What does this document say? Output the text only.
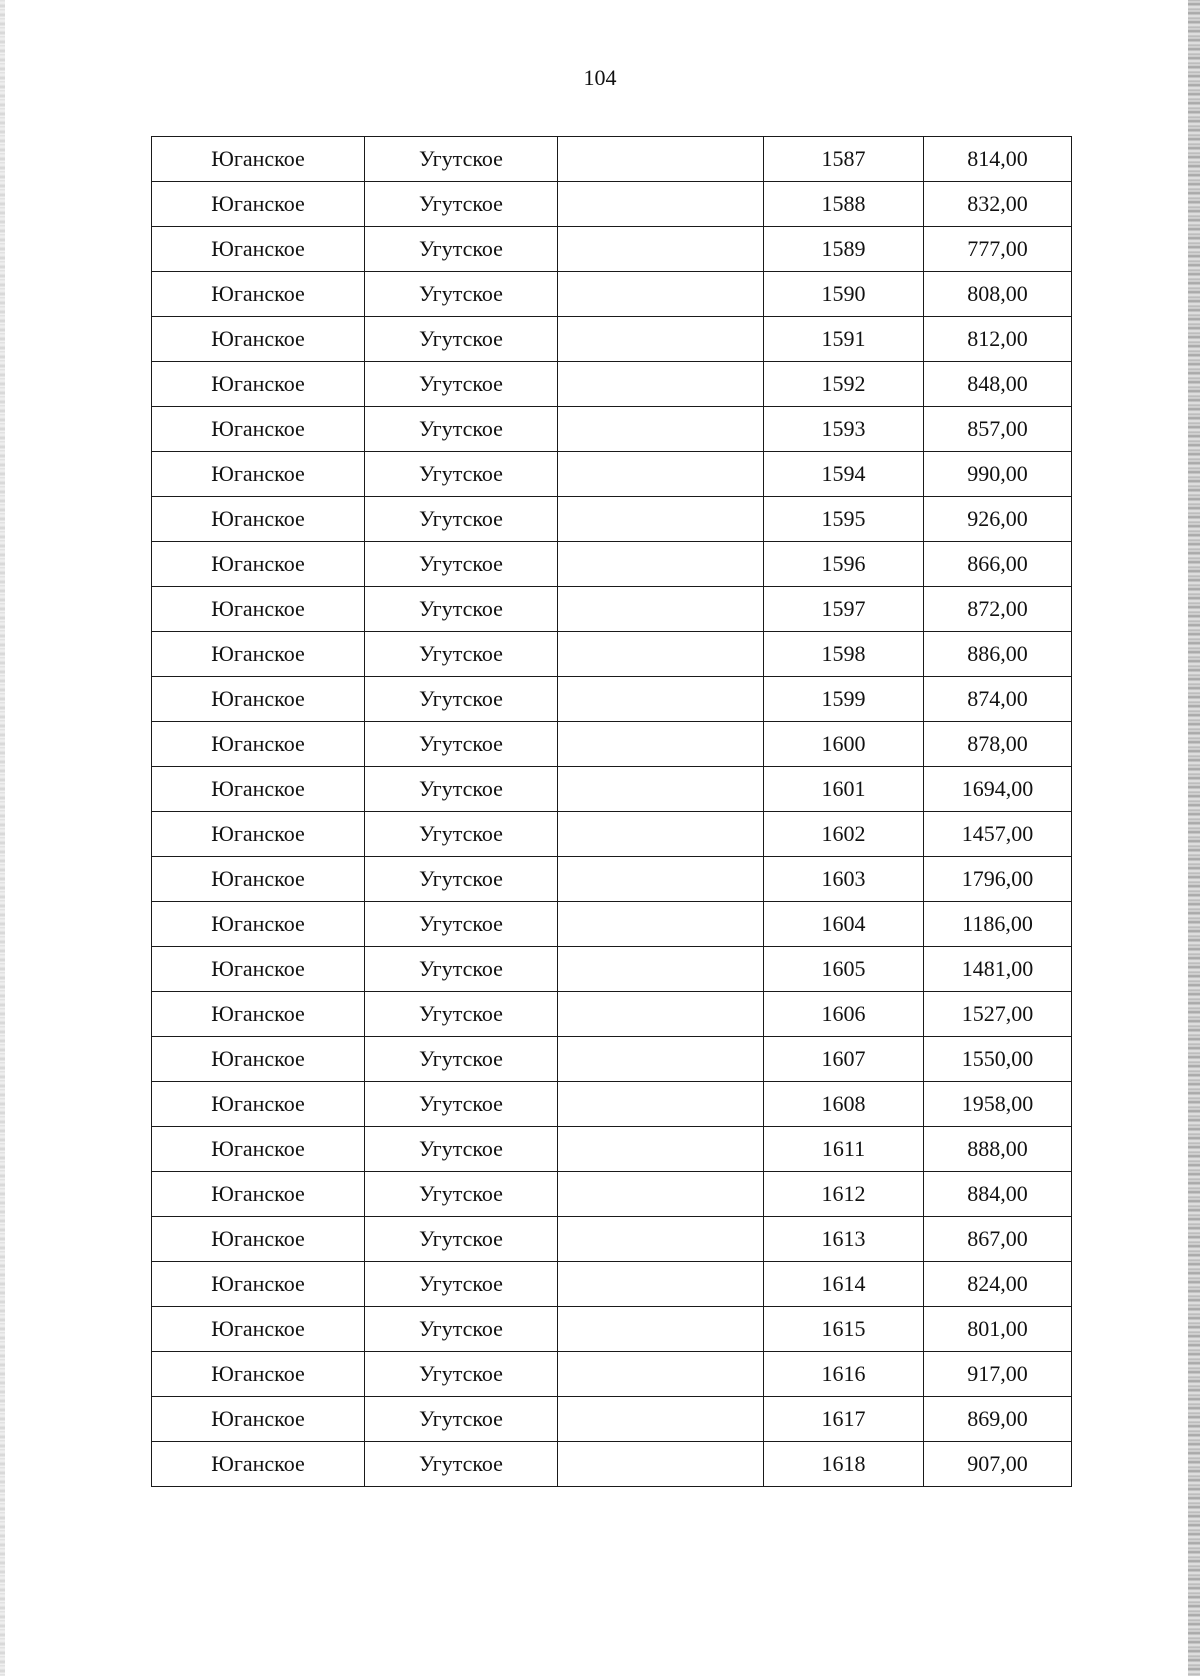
104
Юганское	Угутское		1587	814,00
Юганское	Угутское		1588	832,00
Юганское	Угутское		1589	777,00
Юганское	Угутское		1590	808,00
Юганское	Угутское		1591	812,00
Юганское	Угутское		1592	848,00
Юганское	Угутское		1593	857,00
Юганское	Угутское		1594	990,00
Юганское	Угутское		1595	926,00
Юганское	Угутское		1596	866,00
Юганское	Угутское		1597	872,00
Юганское	Угутское		1598	886,00
Юганское	Угутское		1599	874,00
Юганское	Угутское		1600	878,00
Юганское	Угутское		1601	1694,00
Юганское	Угутское		1602	1457,00
Юганское	Угутское		1603	1796,00
Юганское	Угутское		1604	1186,00
Юганское	Угутское		1605	1481,00
Юганское	Угутское		1606	1527,00
Юганское	Угутское		1607	1550,00
Юганское	Угутское		1608	1958,00
Юганское	Угутское		1611	888,00
Юганское	Угутское		1612	884,00
Юганское	Угутское		1613	867,00
Юганское	Угутское		1614	824,00
Юганское	Угутское		1615	801,00
Юганское	Угутское		1616	917,00
Юганское	Угутское		1617	869,00
Юганское	Угутское		1618	907,00
